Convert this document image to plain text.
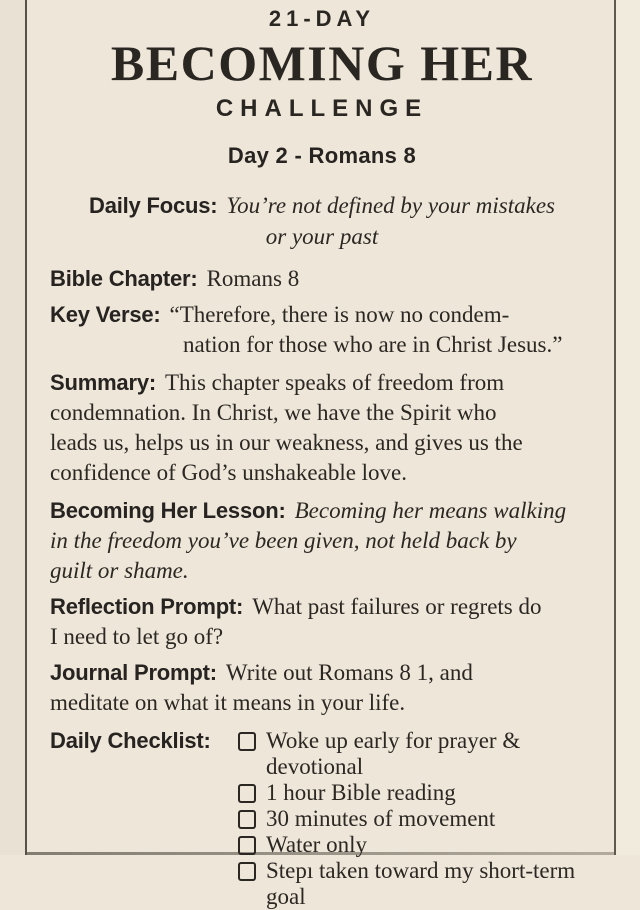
21-DAY
BECOMING HER
CHALLENGE
Day 2 - Romans 8
Daily Focus: You’re not defined by your mistakes
or your past
Bible Chapter: Romans 8
Key Verse: “Therefore, there is now no condem-
nation for those who are in Christ Jesus.”
Summary: This chapter speaks of freedom from
condemnation. In Christ, we have the Spirit who
leads us, helps us in our weakness, and gives us the
confidence of God’s unshakeable love.
Becoming Her Lesson: Becoming her means walking
in the freedom you’ve been given, not held back by
guilt or shame.
Reflection Prompt: What past failures or regrets do
I need to let go of?
Journal Prompt: Write out Romans 8 1, and
meditate on what it means in your life.
Daily Checklist:	Woke up early for prayer & devotional
1 hour Bible reading
30 minutes of movement
Water only
Stepı taken toward my short-term goal
